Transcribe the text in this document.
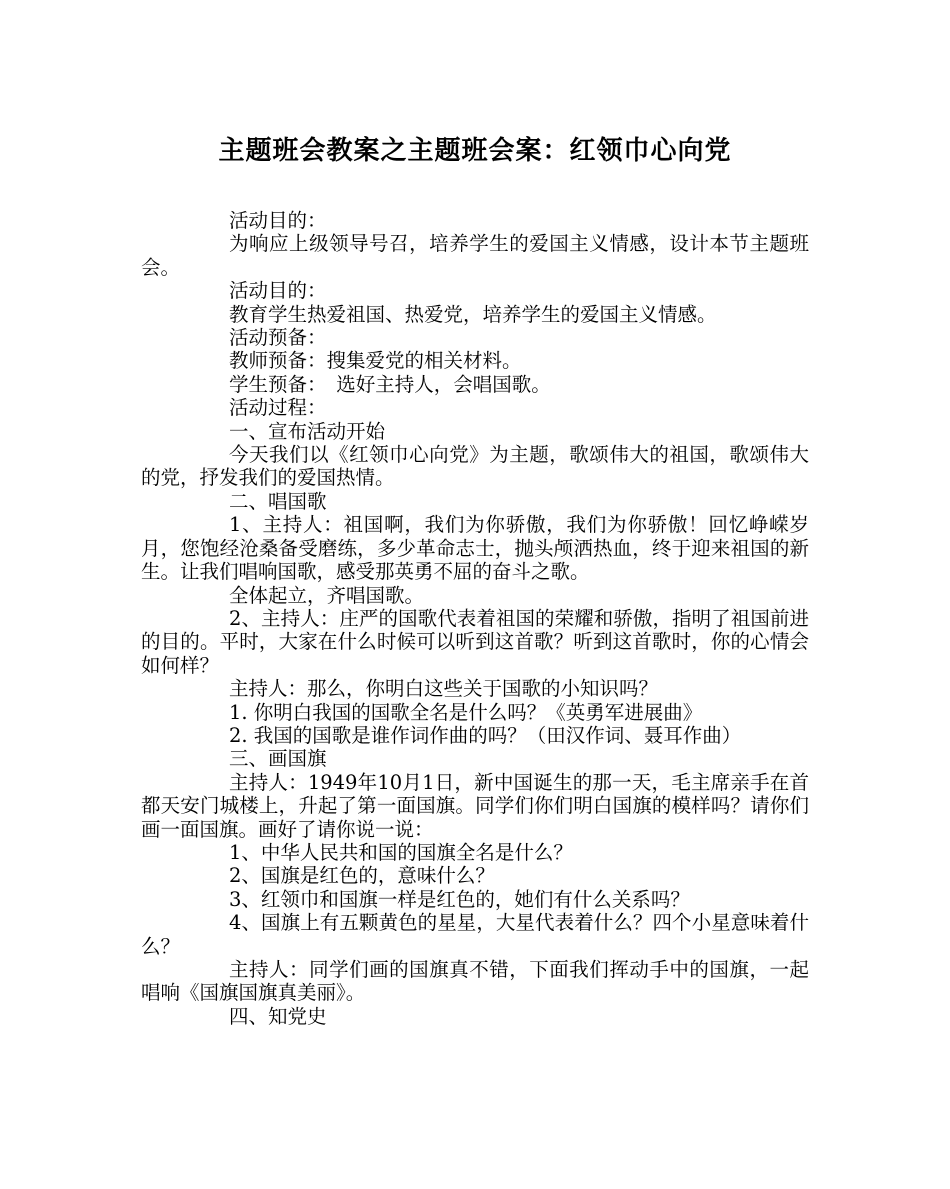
主题班会教案之主题班会案：红领巾心向党

活动目的：

为响应上级领导号召，培养学生的爱国主义情感，设计本节主题班会。

活动目的：

教育学生热爱祖国、热爱党，培养学生的爱国主义情感。

活动预备：

教师预备：搜集爱党的相关材料。

学生预备：　选好主持人，会唱国歌。

活动过程：

一、宣布活动开始

今天我们以《红领巾心向党》为主题，歌颂伟大的祖国，歌颂伟大的党，抒发我们的爱国热情。

二、唱国歌

1、主持人：祖国啊，我们为你骄傲，我们为你骄傲！回忆峥嵘岁月，您饱经沧桑备受磨练，多少革命志士，抛头颅洒热血，终于迎来祖国的新生。让我们唱响国歌，感受那英勇不屈的奋斗之歌。

全体起立，齐唱国歌。

2、主持人：庄严的国歌代表着祖国的荣耀和骄傲，指明了祖国前进的目的。平时，大家在什么时候可以听到这首歌？听到这首歌时，你的心情会如何样？

主持人：那么，你明白这些关于国歌的小知识吗？

1. 你明白我国的国歌全名是什么吗？《英勇军进展曲》

2. 我国的国歌是谁作词作曲的吗？（田汉作词、聂耳作曲）

三、画国旗

主持人：1949年10月1日，新中国诞生的那一天，毛主席亲手在首都天安门城楼上，升起了第一面国旗。同学们你们明白国旗的模样吗？请你们画一面国旗。画好了请你说一说：

1、中华人民共和国的国旗全名是什么？

2、国旗是红色的，意味什么？

3、红领巾和国旗一样是红色的，她们有什么关系吗？

4、国旗上有五颗黄色的星星，大星代表着什么？四个小星意味着什么？

主持人：同学们画的国旗真不错，下面我们挥动手中的国旗，一起唱响《国旗国旗真美丽》。

四、知党史
